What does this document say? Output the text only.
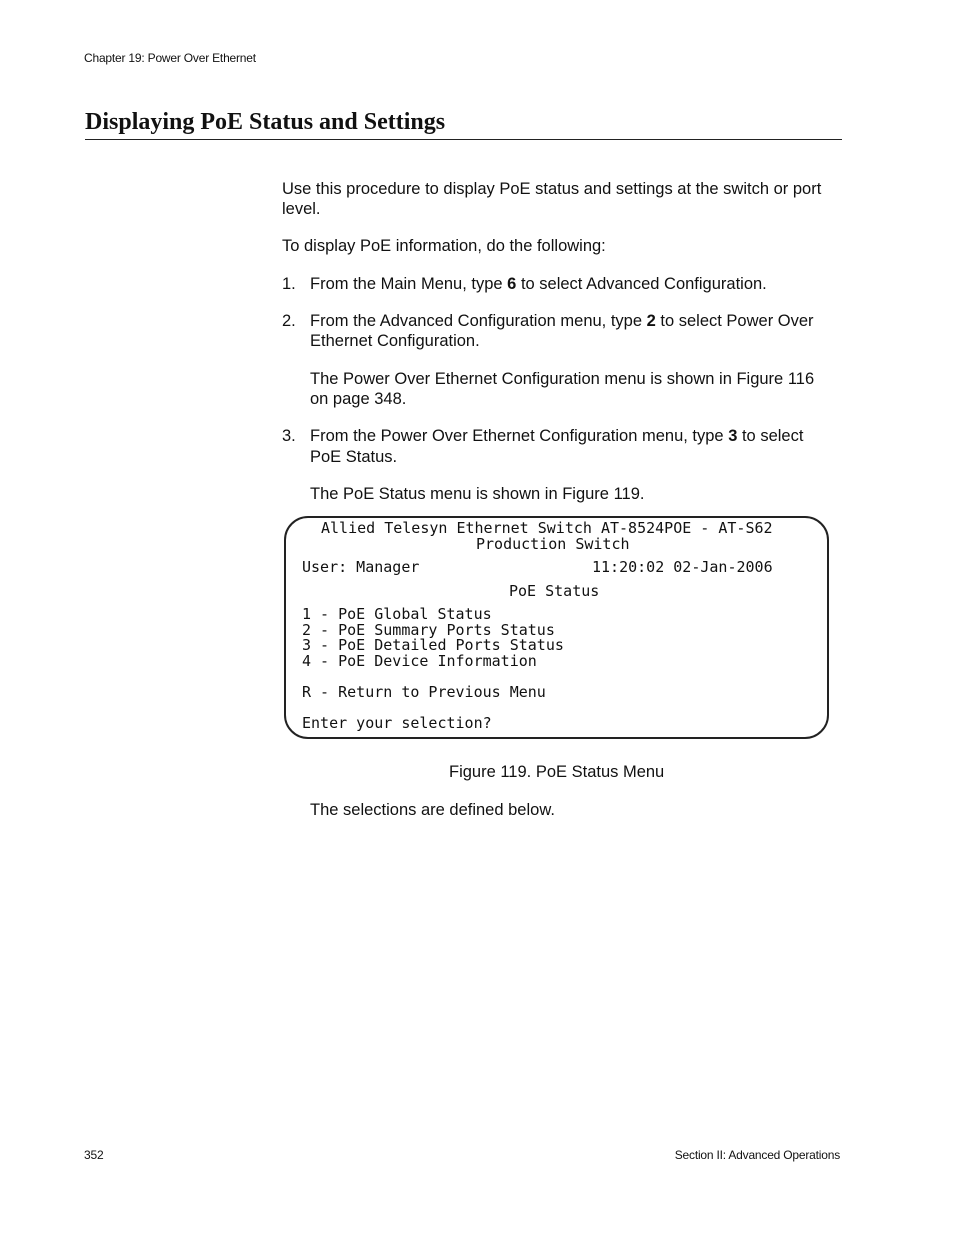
Chapter 19: Power Over Ethernet
Displaying PoE Status and Settings

Use this procedure to display PoE status and settings at the switch or port

level.

To display PoE information, do the following:

1. From the Main Menu, type 6 to select Advanced Configuration.

2. From the Advanced Configuration menu, type 2 to select Power Over

Ethernet Configuration.

The Power Over Ethernet Configuration menu is shown in Figure 116

on page 348.

3. From the Power Over Ethernet Configuration menu, type 3 to select

PoE Status.

The PoE Status menu is shown in Figure 119.

Allied Telesyn Ethernet Switch AT-8524POE - AT-S62
Production Switch
User: Manager	11:20:02 02-Jan-2006
PoE Status
1 - PoE Global Status
2 - PoE Summary Ports Status
3 - PoE Detailed Ports Status
4 - PoE Device Information
R - Return to Previous Menu
Enter your selection?
Figure 119. PoE Status Menu

The selections are defined below.

352	Section II: Advanced Operations
